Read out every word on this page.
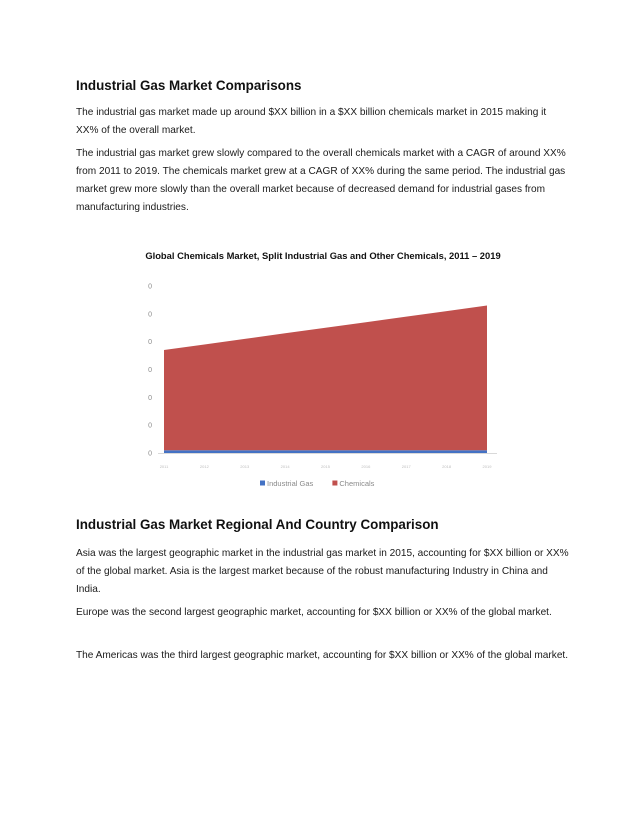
Industrial Gas Market Comparisons

The industrial gas market made up around $XX billion in a $XX billion chemicals market in 2015 making it XX% of the overall market.

The industrial gas market grew slowly compared to the overall chemicals market with a CAGR of around XX% from 2011 to 2019. The chemicals market grew at a CAGR of XX% during the same period. The industrial gas market grew more slowly than the overall market because of decreased demand for industrial gases from manufacturing industries.

Global Chemicals Market, Split Industrial Gas and Other Chemicals, 2011 – 2019
0
0
0
0
0
0
0
2011	2012	2013	2014	2015	2016	2017	2018	2019
Industrial Gas	Chemicals
Industrial Gas Market Regional And Country Comparison

Asia was the largest geographic market in the industrial gas market in 2015, accounting for $XX billion or XX% of the global market. Asia is the largest market because of the robust manufacturing Industry in China and India.

Europe was the second largest geographic market, accounting for $XX billion or XX% of the global market.

The Americas was the third largest geographic market, accounting for $XX billion or XX% of the global market.
